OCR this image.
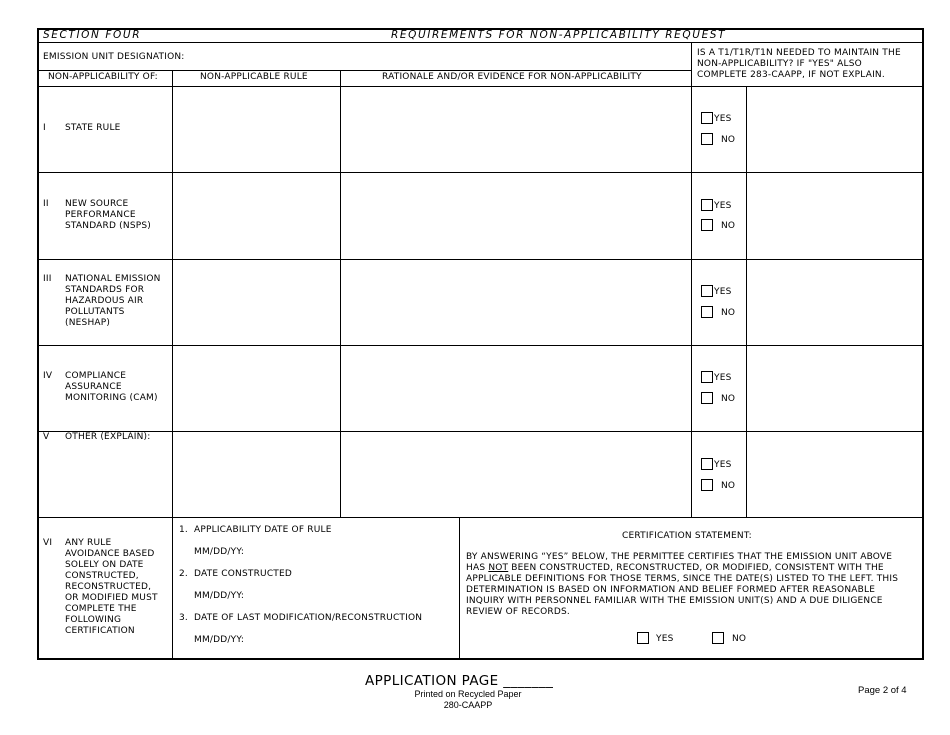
SECTION FOUR	REQUIREMENTS FOR NON-APPLICABILITY REQUEST
EMISSION UNIT DESIGNATION:	IS A T1/T1R/T1N NEEDED TO MAINTAIN THE
NON-APPLICABILITY? IF "YES" ALSO
COMPLETE 283-CAAPP, IF NOT EXPLAIN.
NON-APPLICABILITY OF:	NON-APPLICABLE RULE	RATIONALE AND/OR EVIDENCE FOR NON-APPLICABILITY
I STATE RULE
YES
NO
II NEW SOURCE
PERFORMANCE
STANDARD (NSPS)
YES
NO
III NATIONAL EMISSION
STANDARDS FOR
HAZARDOUS AIR
POLLUTANTS
(NESHAP)
YES
NO
IV COMPLIANCE
ASSURANCE
MONITORING (CAM)
YES
NO
V OTHER (EXPLAIN):
YES
NO
VI ANY RULE
AVOIDANCE BASED
SOLELY ON DATE
CONSTRUCTED,
RECONSTRUCTED,
OR MODIFIED MUST
COMPLETE THE
FOLLOWING
CERTIFICATION
1. APPLICABILITY DATE OF RULE
MM/DD/YY:
2. DATE CONSTRUCTED
MM/DD/YY:
3. DATE OF LAST MODIFICATION/RECONSTRUCTION
MM/DD/YY:
CERTIFICATION STATEMENT:
BY ANSWERING “YES” BELOW, THE PERMITTEE CERTIFIES THAT THE EMISSION UNIT ABOVE
HAS NOT BEEN CONSTRUCTED, RECONSTRUCTED, OR MODIFIED, CONSISTENT WITH THE
APPLICABLE DEFINITIONS FOR THOSE TERMS, SINCE THE DATE(S) LISTED TO THE LEFT. THIS
DETERMINATION IS BASED ON INFORMATION AND BELIEF FORMED AFTER REASONABLE
INQUIRY WITH PERSONNEL FAMILIAR WITH THE EMISSION UNIT(S) AND A DUE DILIGENCE
REVIEW OF RECORDS.
YES	NO
APPLICATION PAGE _______
Printed on Recycled Paper
280-CAAPP
Page 2 of 4
